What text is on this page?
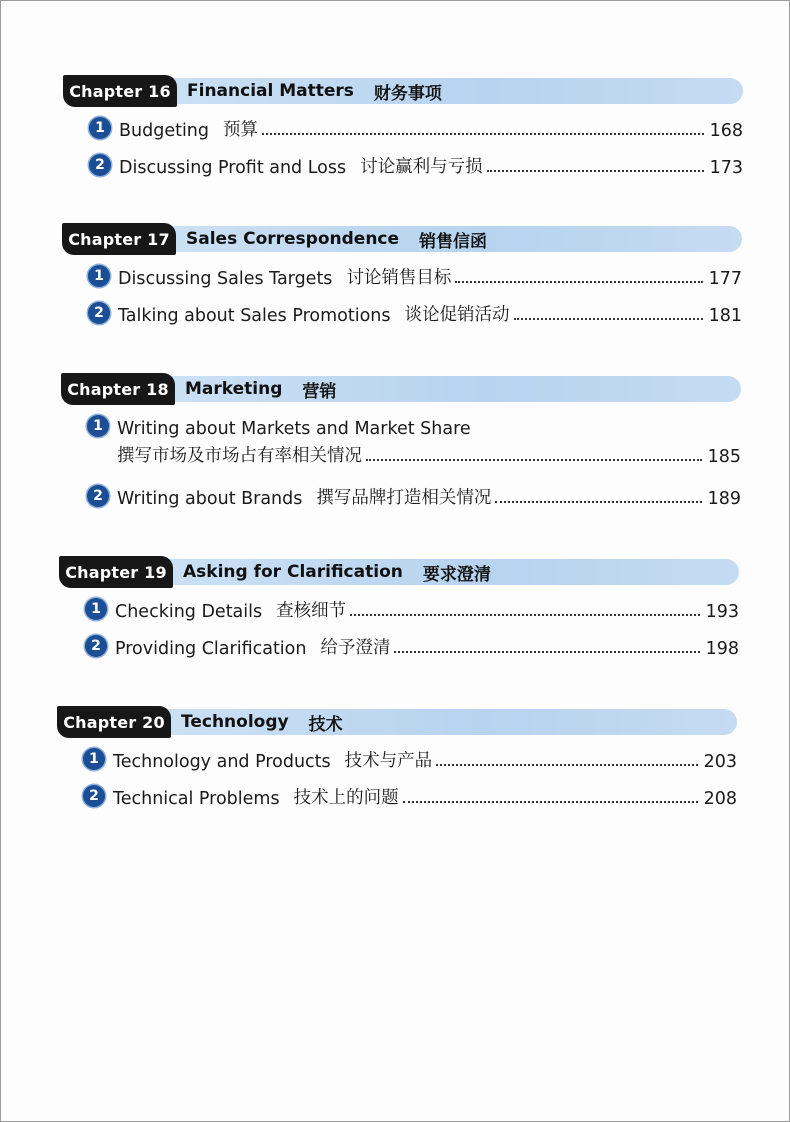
Chapter 16 Financial Matters 财务事项
1 Budgeting 预算	168
2 Discussing Profit and Loss 讨论赢利与亏损	173
Chapter 17 Sales Correspondence 销售信函
1 Discussing Sales Targets 讨论销售目标	177
2 Talking about Sales Promotions 谈论促销活动	181
Chapter 18 Marketing 营销
1 Writing about Markets and Market Share
撰写市场及市场占有率相关情况	185
2 Writing about Brands 撰写品牌打造相关情况	189
Chapter 19 Asking for Clarification 要求澄清
1 Checking Details 查核细节	193
2 Providing Clarification 给予澄清	198
Chapter 20 Technology 技术
1 Technology and Products 技术与产品	203
2 Technical Problems 技术上的问题	208
